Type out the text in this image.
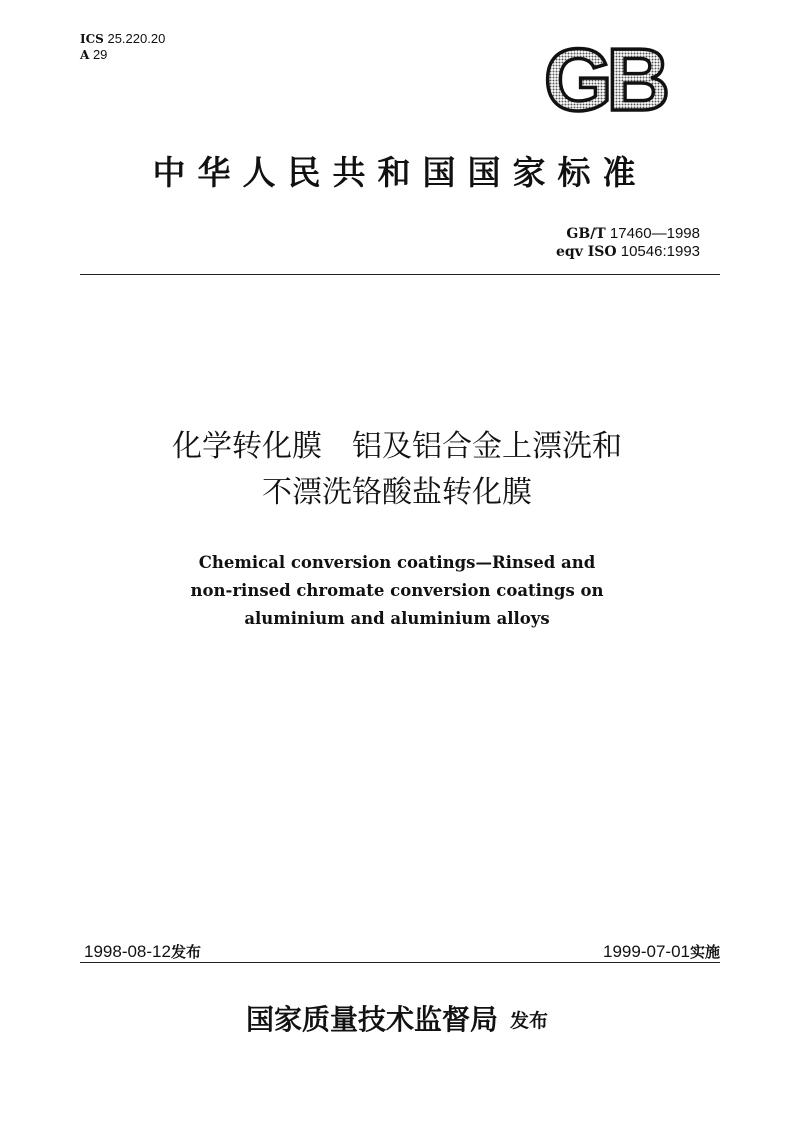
ICS 25.220.20
A 29	GB
中华人民共和国国家标准
GB/T 17460—1998
eqv ISO 10546:1993
化学转化膜　铝及铝合金上漂洗和
不漂洗铬酸盐转化膜
Chemical conversion coatings—Rinsed and
non-rinsed chromate conversion coatings on
aluminium and aluminium alloys
1998-08-12发布	1999-07-01实施
国家质量技术监督局 发布
